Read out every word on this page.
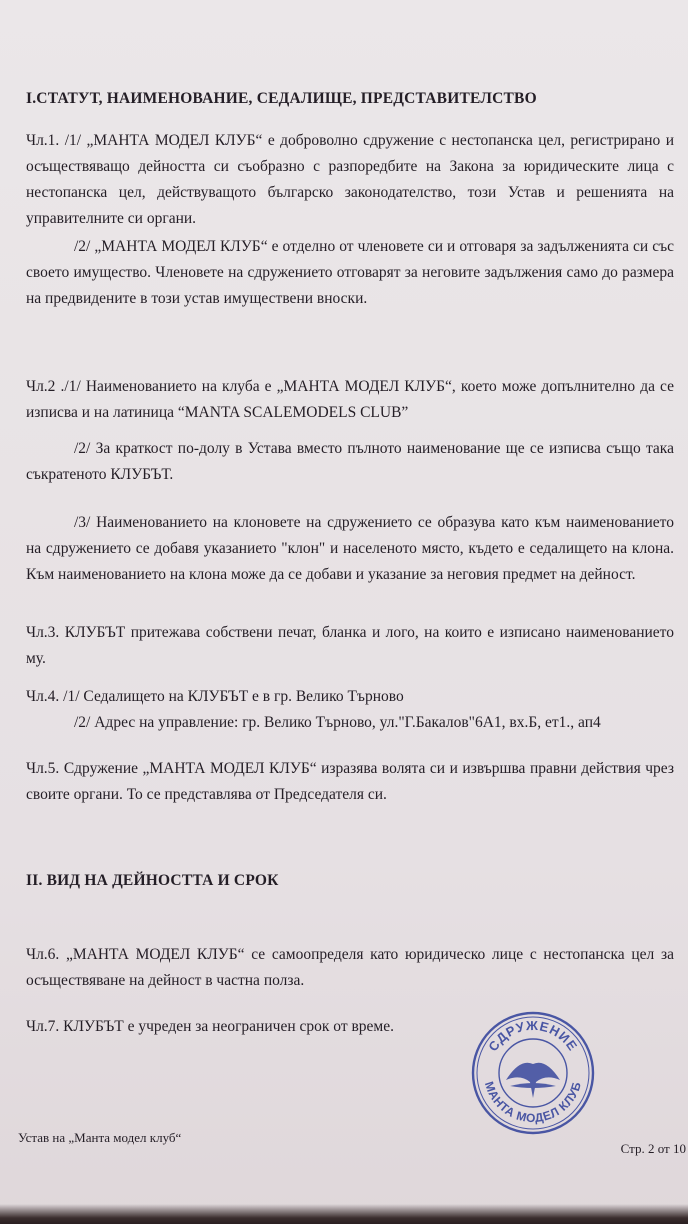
I.СТАТУТ, НАИМЕНОВАНИЕ, СЕДАЛИЩЕ, ПРЕДСТАВИТЕЛСТВО
Чл.1. /1/ „МАНТА МОДЕЛ КЛУБ“ е доброволно сдружение с нестопанска цел, регистрирано и осъществяващо дейността си съобразно с разпоредбите на Закона за юридическите лица с нестопанска цел, действуващото българско законодателство, този Устав и решенията на управителните си органи.
/2/ „МАНТА МОДЕЛ КЛУБ“ е отделно от членовете си и отговаря за задълженията си със своето имущество. Членовете на сдружението отговарят за неговите задължения само до размера на предвидените в този устав имуществени вноски.
Чл.2 ./1/ Наименованието на клуба е „МАНТА МОДЕЛ КЛУБ“, което може допълнително да се изписва и на латиница “MANTA SCALEMODELS CLUB”
/2/ За краткост по-долу в Устава вместо пълното наименование ще се изписва също така съкратеното КЛУБЪТ.
/3/ Наименованието на клоновете на сдружението се образува като към наименованието на сдружението се добавя указанието "клон" и населеното място, където е седалището на клона. Към наименованието на клона може да се добави и указание за неговия предмет на дейност.
Чл.3. КЛУБЪТ притежава собствени печат, бланка и лого, на които е изписано наименованието му.
Чл.4. /1/ Седалището на КЛУБЪТ е в гр. Велико Търново
/2/ Адрес на управление: гр. Велико Търново, ул."Г.Бакалов"6А1, вх.Б, ет1., ап4
Чл.5. Сдружение „МАНТА МОДЕЛ КЛУБ“ изразява волята си и извършва правни действия чрез своите органи. То се представлява от Председателя си.
II. ВИД НА ДЕЙНОСТТА И СРОК
Чл.6. „МАНТА МОДЕЛ КЛУБ“ се самоопределя като юридическо лице с нестопанска цел за осъществяване на дейност в частна полза.
Чл.7. КЛУБЪТ е учреден за неограничен срок от време.
СДРУЖЕНИЕ
МАНТА МОДЕЛ КЛУБ
Устав на „Манта модел клуб“
Стр. 2 от 10
